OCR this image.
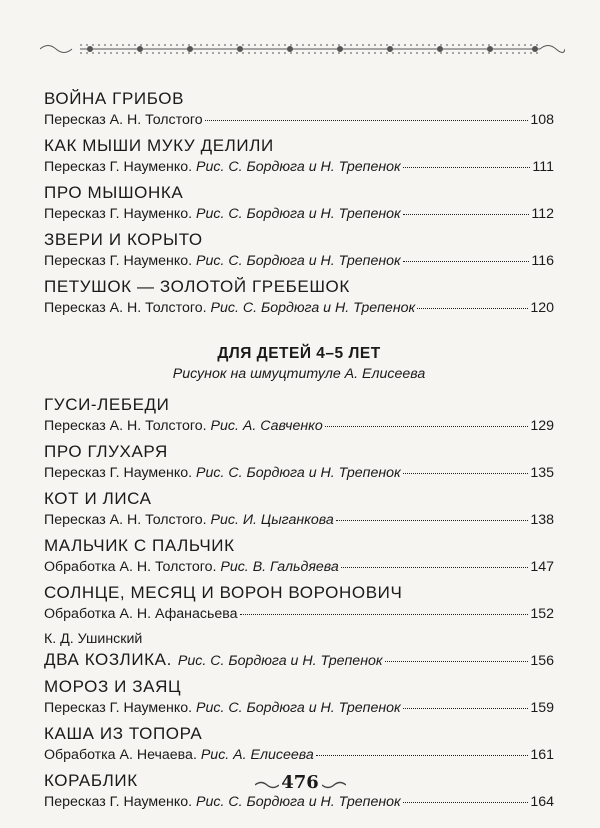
ВОЙНА ГРИБОВ
Пересказ А. Н. Толстого	108
КАК МЫШИ МУКУ ДЕЛИЛИ
Пересказ Г. Науменко. Рис. С. Бордюга и Н. Трепенок	111
ПРО МЫШОНКА
Пересказ Г. Науменко. Рис. С. Бордюга и Н. Трепенок	112
ЗВЕРИ И КОРЫТО
Пересказ Г. Науменко. Рис. С. Бордюга и Н. Трепенок	116
ПЕТУШОК — ЗОЛОТОЙ ГРЕБЕШОК
Пересказ А. Н. Толстого. Рис. С. Бордюга и Н. Трепенок	120
ДЛЯ ДЕТЕЙ 4–5 ЛЕТ
Рисунок на шмуцтитуле А. Елисеева
ГУСИ-ЛЕБЕДИ
Пересказ А. Н. Толстого. Рис. А. Савченко	129
ПРО ГЛУХАРЯ
Пересказ Г. Науменко. Рис. С. Бордюга и Н. Трепенок	135
КОТ И ЛИСА
Пересказ А. Н. Толстого. Рис. И. Цыганкова	138
МАЛЬЧИК С ПАЛЬЧИК
Обработка А. Н. Толстого. Рис. В. Гальдяева	147
СОЛНЦЕ, МЕСЯЦ И ВОРОН ВОРОНОВИЧ
Обработка А. Н. Афанасьева	152
К. Д. Ушинский
ДВА КОЗЛИКА. Рис. С. Бордюга и Н. Трепенок	156
МОРОЗ И ЗАЯЦ
Пересказ Г. Науменко. Рис. С. Бордюга и Н. Трепенок	159
КАША ИЗ ТОПОРА
Обработка А. Нечаева. Рис. А. Елисеева	161
КОРАБЛИК
Пересказ Г. Науменко. Рис. С. Бордюга и Н. Трепенок	164
476
